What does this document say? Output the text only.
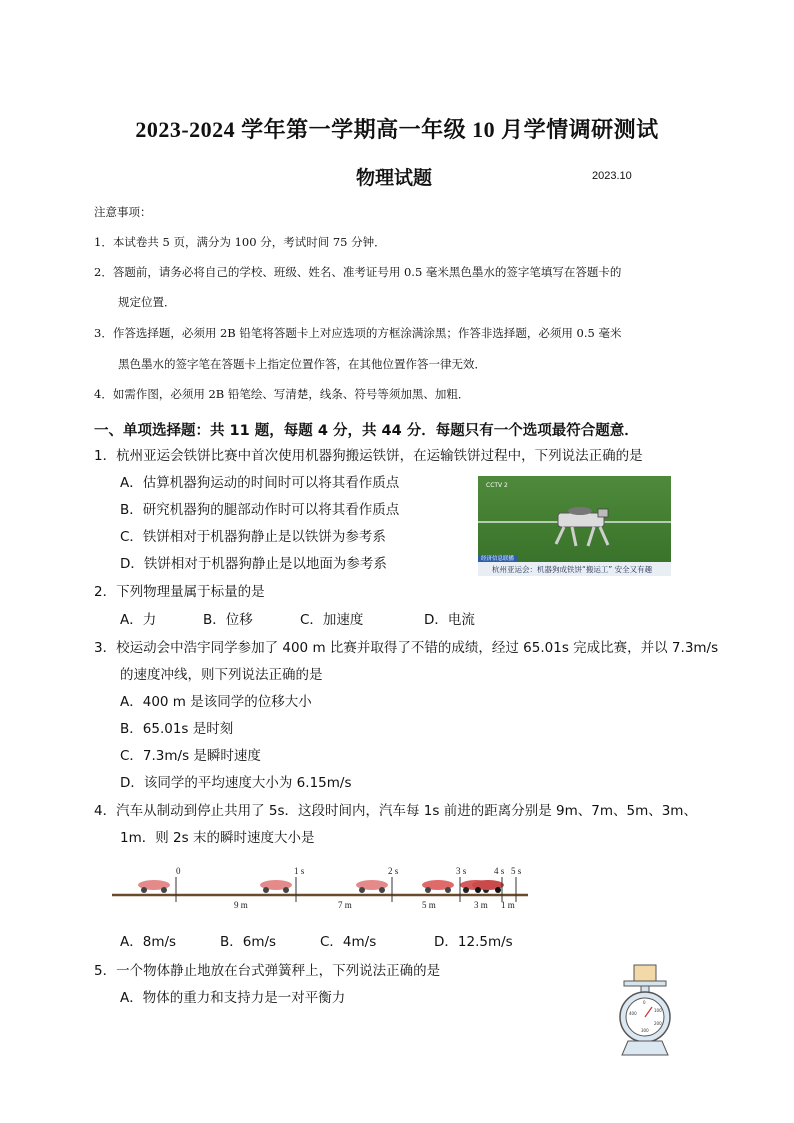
2023-2024 学年第一学期高一年级 10 月学情调研测试
物理试题	2023.10
注意事项：
1．本试卷共 5 页，满分为 100 分，考试时间 75 分钟．
2．答题前，请务必将自己的学校、班级、姓名、准考证号用 0.5 毫米黑色墨水的签字笔填写在答题卡的
规定位置．
3．作答选择题，必须用 2B 铅笔将答题卡上对应选项的方框涂满涂黑；作答非选择题，必须用 0.5 毫米
黑色墨水的签字笔在答题卡上指定位置作答，在其他位置作答一律无效．
4．如需作图，必须用 2B 铅笔绘、写清楚，线条、符号等须加黑、加粗．
一、单项选择题：共 11 题，每题 4 分，共 44 分．每题只有一个选项最符合题意．
1．杭州亚运会铁饼比赛中首次使用机器狗搬运铁饼，在运输铁饼过程中，下列说法正确的是
A．估算机器狗运动的时间时可以将其看作质点
B．研究机器狗的腿部动作时可以将其看作质点
C．铁饼相对于机器狗静止是以铁饼为参考系
D．铁饼相对于机器狗静止是以地面为参考系
CCTV 2
经济信息联播
杭州亚运会：机器狗成铁饼“搬运工” 安全又有趣
2．下列物理量属于标量的是
A．力	B．位移	C．加速度	D．电流
3．校运动会中浩宇同学参加了 400 m 比赛并取得了不错的成绩，经过 65.01s 完成比赛，并以 7.3m/s
的速度冲线，则下列说法正确的是
A．400 m 是该同学的位移大小
B．65.01s 是时刻
C．7.3m/s 是瞬时速度
D．该同学的平均速度大小为 6.15m/s
4．汽车从制动到停止共用了 5s．这段时间内，汽车每 1s 前进的距离分别是 9m、7m、5m、3m、
1m．则 2s 末的瞬时速度大小是
0	1 s	2 s	3 s	4 s 5 s
9 m	7 m	5 m	3 m 1 m
A．8m/s	B．6m/s	C．4m/s	D．12.5m/s
5．一个物体静止地放在台式弹簧秤上，下列说法正确的是
A．物体的重力和支持力是一对平衡力	0
100
200
300
400
